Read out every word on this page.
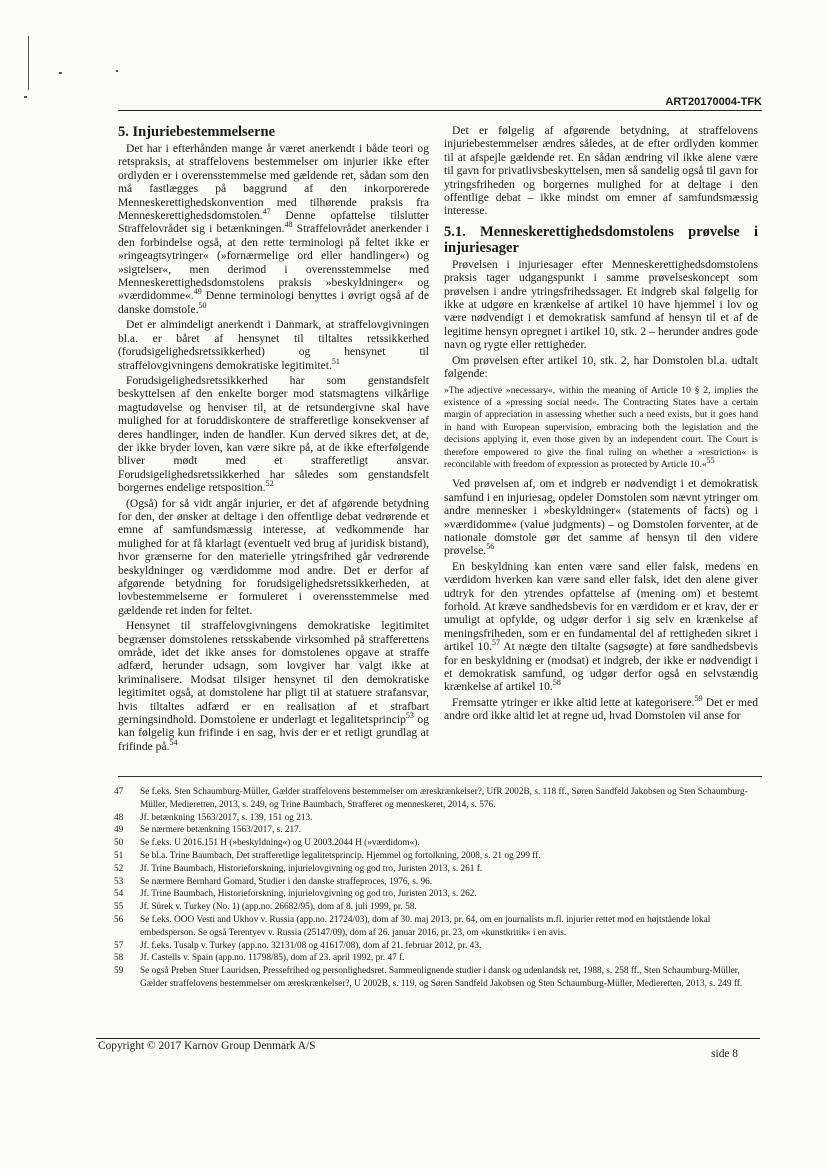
ART20170004-TFK
5. Injuriebestemmelserne

Det har i efterhånden mange år været anerkendt i både teori og retspraksis, at straffelovens bestemmelser om injurier ikke efter ordlyden er i overensstemmelse med gældende ret, sådan som den må fastlægges på baggrund af den inkorporerede Menneskerettighedskonvention med tilhørende praksis fra Menneskerettighedsdomstolen.$^{47}$ Denne opfattelse tilslutter Straffelovrådet sig i betænkningen.$^{48}$ Straffelovrådet anerkender i den forbindelse også, at den rette terminologi på feltet ikke er »ringeagtsytringer« (»fornærmelige ord eller handlinger«) og »sigtelser«, men derimod i overensstemmelse med Menneskerettighedsdomstolens praksis »beskyldninger« og »værdidomme«.$^{49}$ Denne terminologi benyttes i øvrigt også af de danske domstole.$^{50}$

Det er almindeligt anerkendt i Danmark, at straffelovgivningen bl.a. er båret af hensynet til tiltaltes retssikkerhed (forudsigelighedsretssikkerhed) og hensynet til straffelovgivningens demokratiske legitimitet.$^{51}$

Forudsigelighedsretssikkerhed har som genstandsfelt beskyttelsen af den enkelte borger mod statsmagtens vilkårlige magtudøvelse og henviser til, at de retsundergivne skal have mulighed for at foruddiskontere de strafferetlige konsekvenser af deres handlinger, inden de handler. Kun derved sikres det, at de, der ikke bryder loven, kan være sikre på, at de ikke efterfølgende bliver mødt med et strafferetligt ansvar. Forudsigelighedsretssikkerhed har således som genstandsfelt borgernes endelige retsposition.$^{52}$

(Også) for så vidt angår injurier, er det af afgørende betydning for den, der ønsker at deltage i den offentlige debat vedrørende et emne af samfundsmæssig interesse, at vedkommende har mulighed for at få klarlagt (eventuelt ved brug af juridisk bistand), hvor grænserne for den materielle ytringsfrihed går vedrørende beskyldninger og værdidomme mod andre. Det er derfor af afgørende betydning for forudsigelighedsretssikkerheden, at lovbestemmelserne er formuleret i overensstemmelse med gældende ret inden for feltet.

Hensynet til straffelovgivningens demokratiske legitimitet begrænser domstolenes retsskabende virksomhed på strafferettens område, idet det ikke anses for domstolenes opgave at straffe adfærd, herunder udsagn, som lovgiver har valgt ikke at kriminalisere. Modsat tilsiger hensynet til den demokratiske legitimitet også, at domstolene har pligt til at statuere strafansvar, hvis tiltaltes adfærd er en realisation af et strafbart gerningsindhold. Domstolene er underlagt et legalitetsprincip$^{53}$ og kan følgelig kun frifinde i en sag, hvis der er et retligt grundlag at frifinde på.$^{54}$

Det er følgelig af afgørende betydning, at straffelovens injuriebestemmelser ændres således, at de efter ordlyden kommer til at afspejle gældende ret. En sådan ændring vil ikke alene være til gavn for privatlivsbeskyttelsen, men så sandelig også til gavn for ytringsfriheden og borgernes mulighed for at deltage i den offentlige debat – ikke mindst om emner af samfundsmæssig interesse.

5.1. Menneskerettighedsdomstolens prøvelse i injuriesager

Prøvelsen i injuriesager efter Menneskerettighedsdomstolens praksis tager udgangspunkt i samme prøvelseskoncept som prøvelsen i andre ytringsfrihedssager. Et indgreb skal følgelig for ikke at udgøre en krænkelse af artikel 10 have hjemmel i lov og være nødvendigt i et demokratisk samfund af hensyn til et af de legitime hensyn opregnet i artikel 10, stk. 2 – herunder andres gode navn og rygte eller rettigheder.

Om prøvelsen efter artikel 10, stk. 2, har Domstolen bl.a. udtalt følgende:

»The adjective »necessary«, within the meaning of Article 10 § 2, implies the existence of a »pressing social need«. The Contracting States have a certain margin of appreciation in assessing whether such a need exists, but it goes hand in hand with European supervision, embracing both the legislation and the decisions applying it, even those given by an independent court. The Court is therefore empowered to give the final ruling on whether a »restriction« is reconcilable with freedom of expression as protected by Article 10.«$^{55}$

Ved prøvelsen af, om et indgreb er nødvendigt i et demokratisk samfund i en injuriesag, opdeler Domstolen som nævnt ytringer om andre mennesker i »beskyldninger« (statements of facts) og i »værdidomme« (value judgments) – og Domstolen forventer, at de nationale domstole gør det samme af hensyn til den videre prøvelse.$^{56}$

En beskyldning kan enten være sand eller falsk, medens en værdidom hverken kan være sand eller falsk, idet den alene giver udtryk for den ytrendes opfattelse af (mening om) et bestemt forhold. At kræve sandhedsbevis for en værdidom er et krav, der er umuligt at opfylde, og udgør derfor i sig selv en krænkelse af meningsfriheden, som er en fundamental del af rettigheden sikret i artikel 10.57 At nægte den tiltalte (sagsøgte) at føre sandhedsbevis for en beskyldning er (modsat) et indgreb, der ikke er nødvendigt i et demokratisk samfund, og udgør derfor også en selvstændig krænkelse af artikel 10.58

Fremsatte ytringer er ikke altid lette at kategorisere.$^{59}$ Det er med andre ord ikke altid let at regne ud, hvad Domstolen vil anse for

47	Se f.eks. Sten Schaumburg-Müller, Gælder straffelovens bestemmelser om æreskrænkelser?, UfR 2002B, s. 118 ff., Søren Sandfeld Jakobsen og Sten Schaumburg-Müller, Medieretten, 2013, s. 249, og Trine Baumbach, Strafferet og menneskeret, 2014, s. 576.
48	Jf. betænkning 1563/2017, s. 139, 151 og 213.
49	Se nærmere betænkning 1563/2017, s. 217.
50	Se f.eks. U 2016.151 H (»beskyldning«) og U 2003.2044 H (»værdidom«).
51	Se bl.a. Trine Baumbach, Det strafferetlige legalitetsprincip. Hjemmel og fortolkning, 2008, s. 21 og 299 ff.
52	Jf. Trine Baumbach, Historieforskning, injurielovgivning og god tro, Juristen 2013, s. 261 f.
53	Se nærmere Bernhard Gomard, Studier i den danske straffeproces, 1976, s. 96.
54	Jf. Trine Baumbach, Historieforskning, injurielovgivning og god tro, Juristen 2013, s. 262.
55	Jf. Sürek v. Turkey (No. 1) (app.no. 26682/95), dom af 8. juli 1999, pr. 58.
56	Se f.eks. OOO Vesti and Ukhov v. Russia (app.no. 21724/03), dom af 30. maj 2013, pr. 64, om en journalists m.fl. injurier rettet mod en højtstående lokal embedsperson. Se også Terentyev v. Russia (25147/09), dom af 26. januar 2016, pr. 23, om »kunstkritik« i en avis.
57	Jf. f.eks. Tusalp v. Turkey (app.no. 32131/08 og 41617/08), dom af 21. februar 2012, pr. 43.
58	Jf. Castells v. Spain (app.no. 11798/85), dom af 23. april 1992, pr. 47 f.
59	Se også Preben Stuer Lauridsen, Pressefrihed og personlighedsret. Sammenlignende studier i dansk og udenlandsk ret, 1988, s. 258 ff., Sten Schaumburg-Müller, Gælder straffelovens bestemmelser om æreskrænkelser?, U 2002B, s. 119, og Søren Sandfeld Jakobsen og Sten Schaumburg-Müller, Medieretten, 2013, s. 249 ff.
Copyright © 2017 Karnov Group Denmark A/S
side 8
